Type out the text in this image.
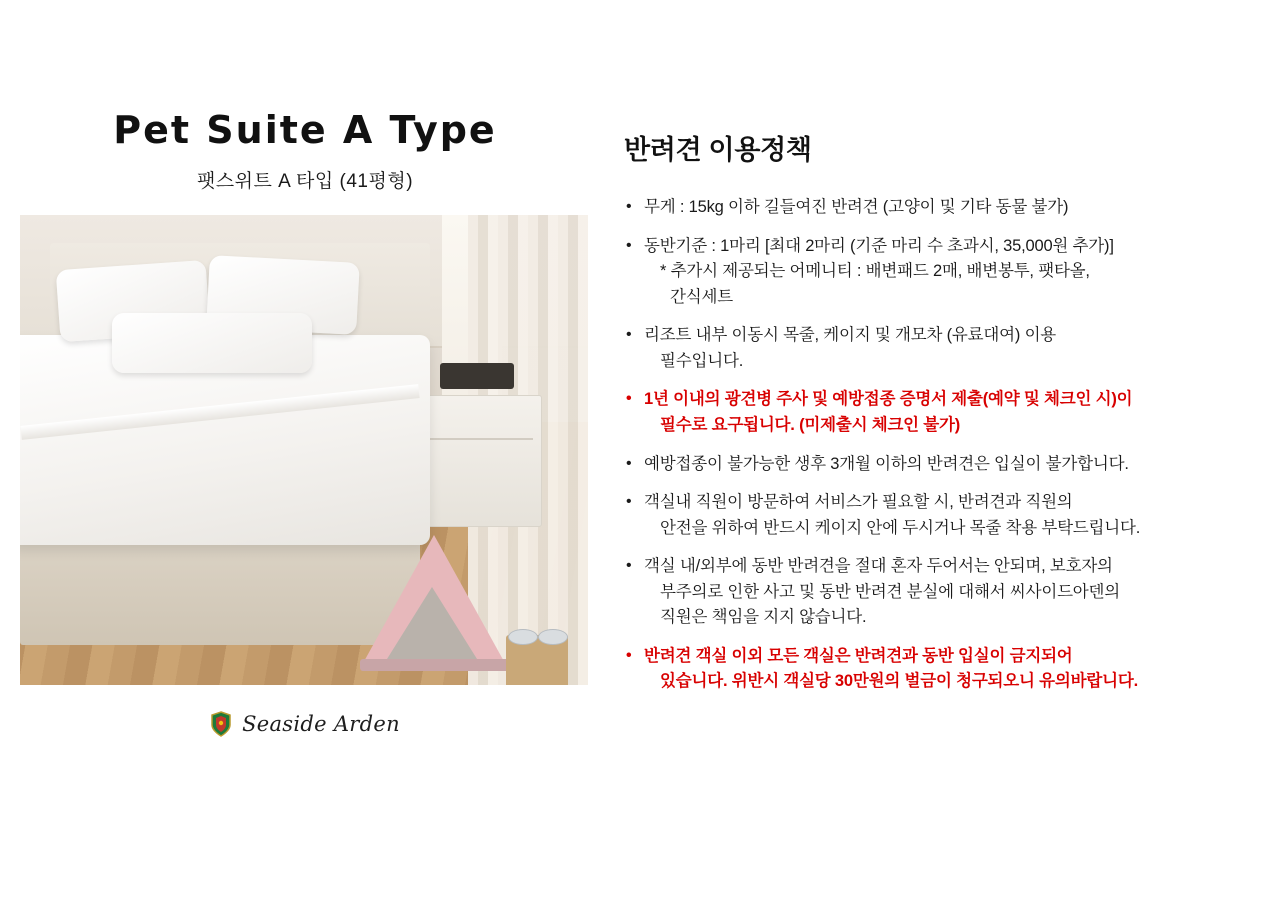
Pet Suite A Type
팻스위트 A 타입 (41평형)
Seaside Arden
반려견 이용정책
• 무게 : 15kg 이하 길들여진 반려견 (고양이 및 기타 동물 불가)
• 동반기준 : 1마리 [최대 2마리 (기준 마리 수 초과시, 35,000원 추가)]
* 추가시 제공되는 어메니티 : 배변패드 2매, 배변봉투, 팻타올,
간식세트
• 리조트 내부 이동시 목줄, 케이지 및 개모차 (유료대여) 이용
필수입니다.
• 1년 이내의 광견병 주사 및 예방접종 증명서 제출(예약 및 체크인 시)이
필수로 요구됩니다. (미제출시 체크인 불가)
• 예방접종이 불가능한 생후 3개월 이하의 반려견은 입실이 불가합니다.
• 객실내 직원이 방문하여 서비스가 필요할 시, 반려견과 직원의
안전을 위하여 반드시 케이지 안에 두시거나 목줄 착용 부탁드립니다.
• 객실 내/외부에 동반 반려견을 절대 혼자 두어서는 안되며, 보호자의
부주의로 인한 사고 및 동반 반려견 분실에 대해서 씨사이드아덴의
직원은 책임을 지지 않습니다.
• 반려견 객실 이외 모든 객실은 반려견과 동반 입실이 금지되어
있습니다. 위반시 객실당 30만원의 벌금이 청구되오니 유의바랍니다.
